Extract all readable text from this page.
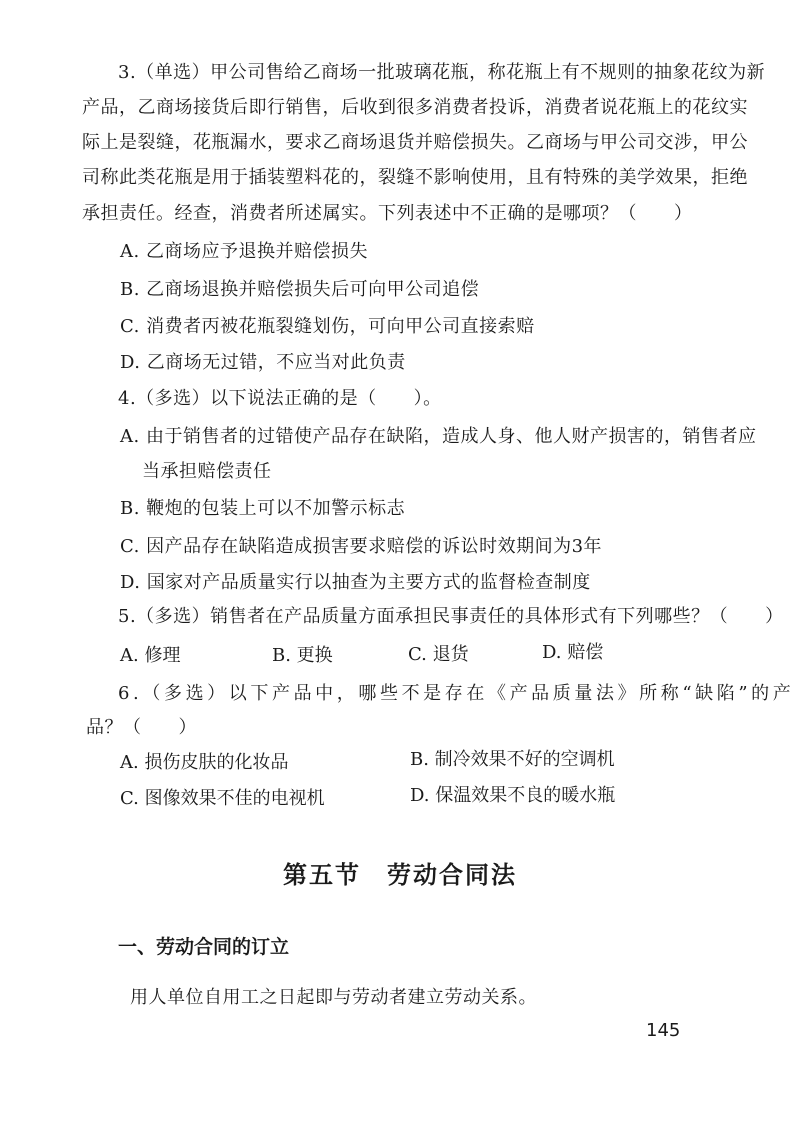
3.（单选）甲公司售给乙商场一批玻璃花瓶，称花瓶上有不规则的抽象花纹为新
产品，乙商场接货后即行销售，后收到很多消费者投诉，消费者说花瓶上的花纹实
际上是裂缝，花瓶漏水，要求乙商场退货并赔偿损失。乙商场与甲公司交涉，甲公
司称此类花瓶是用于插装塑料花的，裂缝不影响使用，且有特殊的美学效果，拒绝
承担责任。经查，消费者所述属实。下列表述中不正确的是哪项？（　　）
A. 乙商场应予退换并赔偿损失
B. 乙商场退换并赔偿损失后可向甲公司追偿
C. 消费者丙被花瓶裂缝划伤，可向甲公司直接索赔
D. 乙商场无过错，不应当对此负责
4.（多选）以下说法正确的是（　　）。
A. 由于销售者的过错使产品存在缺陷，造成人身、他人财产损害的，销售者应
当承担赔偿责任
B. 鞭炮的包装上可以不加警示标志
C. 因产品存在缺陷造成损害要求赔偿的诉讼时效期间为3年
D. 国家对产品质量实行以抽查为主要方式的监督检查制度
5.（多选）销售者在产品质量方面承担民事责任的具体形式有下列哪些？（　　）
A. 修理	B. 更换	C. 退货	D. 赔偿
6.（多选）以下产品中，哪些不是存在《产品质量法》所称“缺陷”的产
品？（　　）
A. 损伤皮肤的化妆品	B. 制冷效果不好的空调机
C. 图像效果不佳的电视机	D. 保温效果不良的暖水瓶
第五节　劳动合同法
一、劳动合同的订立
用人单位自用工之日起即与劳动者建立劳动关系。
145
